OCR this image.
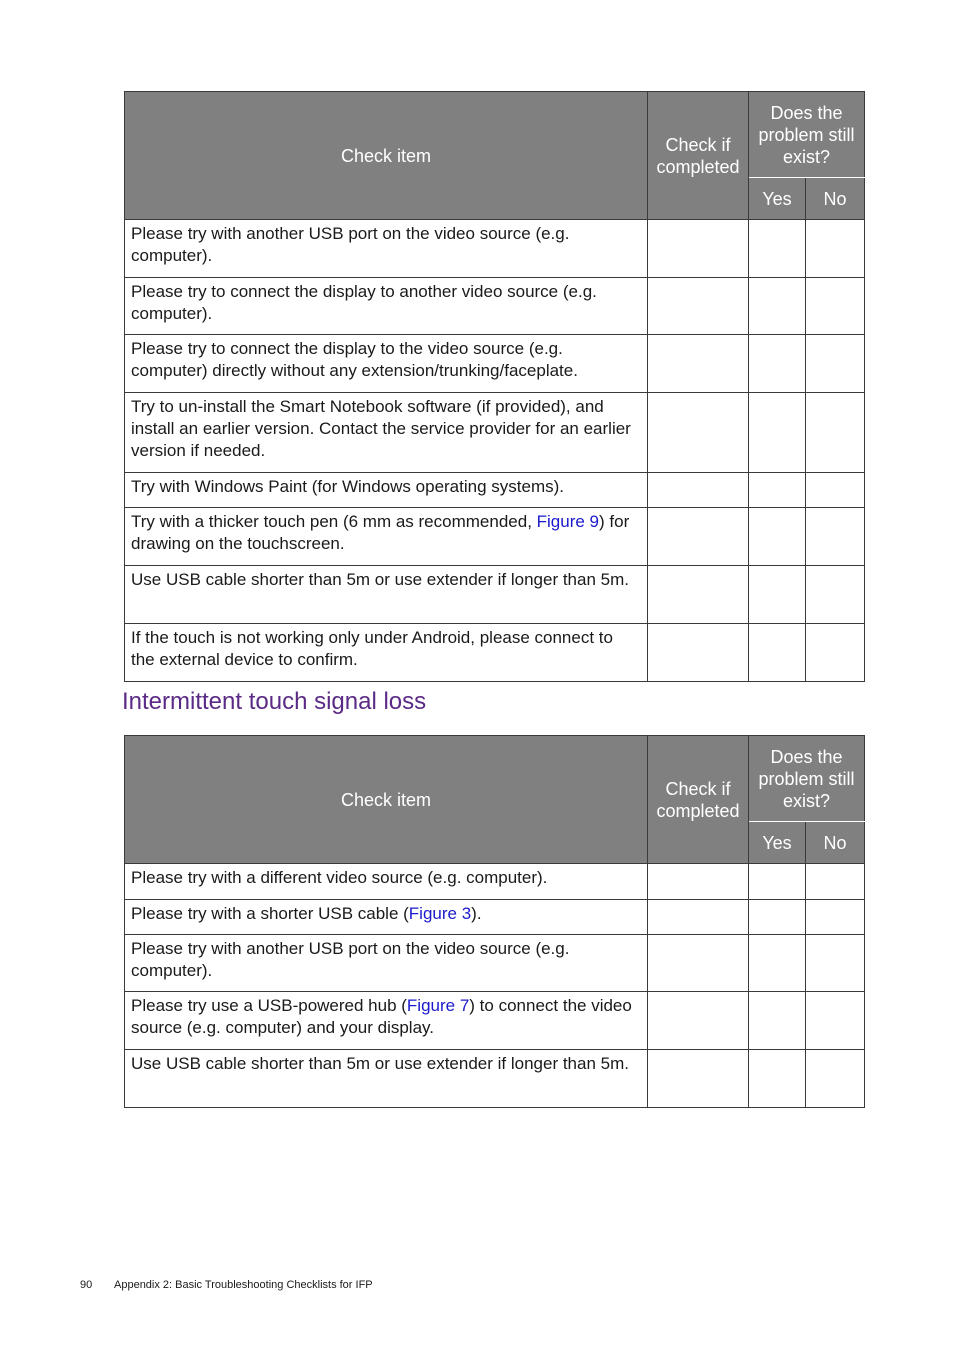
Check item	Check if completed	Does the problem still exist?	
		Yes	No
Please try with another USB port on the video source (e.g. computer).			
Please try to connect the display to another video source (e.g. computer).			
Please try to connect the display to the video source (e.g. computer) directly without any extension/trunking/faceplate.			
Try to un-install the Smart Notebook software (if provided), and install an earlier version. Contact the service provider for an earlier version if needed.			
Try with Windows Paint (for Windows operating systems).			
Try with a thicker touch pen (6 mm as recommended, Figure 9) for drawing on the touchscreen.			
Use USB cable shorter than 5m or use extender if longer than 5m.			
If the touch is not working only under Android, please connect to the external device to confirm.			
Intermittent touch signal loss
Check item	Check if completed	Does the problem still exist?	
		Yes	No
Please try with a different video source (e.g. computer).			
Please try with a shorter USB cable (Figure 3).			
Please try with another USB port on the video source (e.g. computer).			
Please try use a USB-powered hub (Figure 7) to connect the video source (e.g. computer) and your display.			
Use USB cable shorter than 5m or use extender if longer than 5m.			
90 Appendix 2: Basic Troubleshooting Checklists for IFP
